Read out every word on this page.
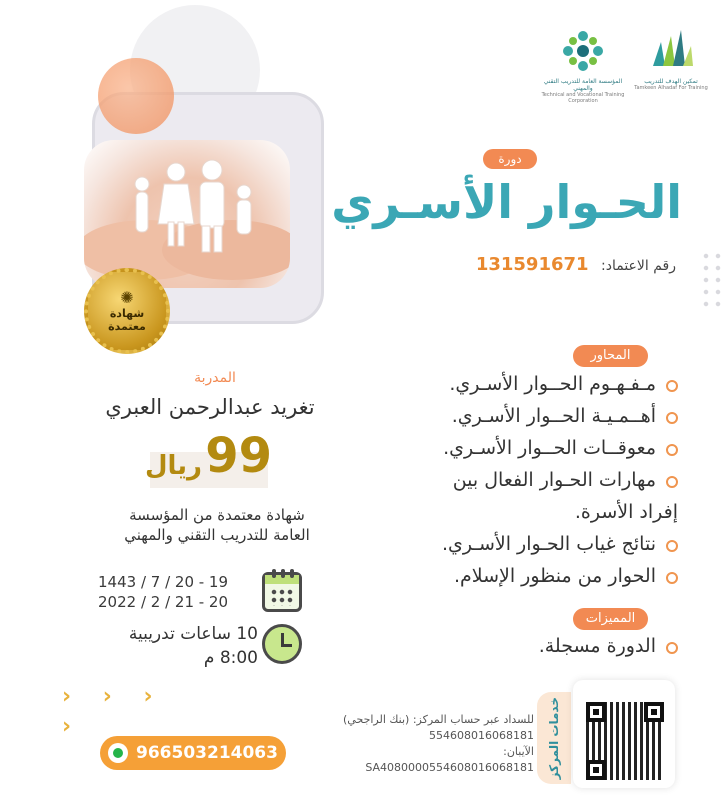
✺
شهادة
معتمدة
المؤسسة العامة للتدريب التقني والمهني
Technical and Vocational Training Corporation
تمكين الهدف للتدريب
Tamkeen Alhadaf For Training
دورة
الحـوار الأسـري
رقم الاعتماد: 131591671
المحاور
مـفـهـوم الحــوار الأسـري.
أهــمـيـة الحــوار الأسـري.
معوقــات الحــوار الأسـري.
مهارات الحـوار الفعال بين
إفراد الأسرة.
نتائج غياب الحـوار الأسـري.
الحوار من منظور الإسلام.
المميزات
الدورة مسجلة.
المدربة
تغريد عبدالرحمن العبري
99
ريال
شهادة معتمدة من المؤسسة
العامة للتدريب التقني والمهني
1443 / 7 / 20 - 19
2022 / 2 / 21 - 20
10 ساعات تدريبية
8:00 م
› › › ›
966503214063
للسداد عبر حساب المركز: (بنك الراجحي)
554608016068181
الآيبان:
SA4080000554608016068181 خدمات المركز
